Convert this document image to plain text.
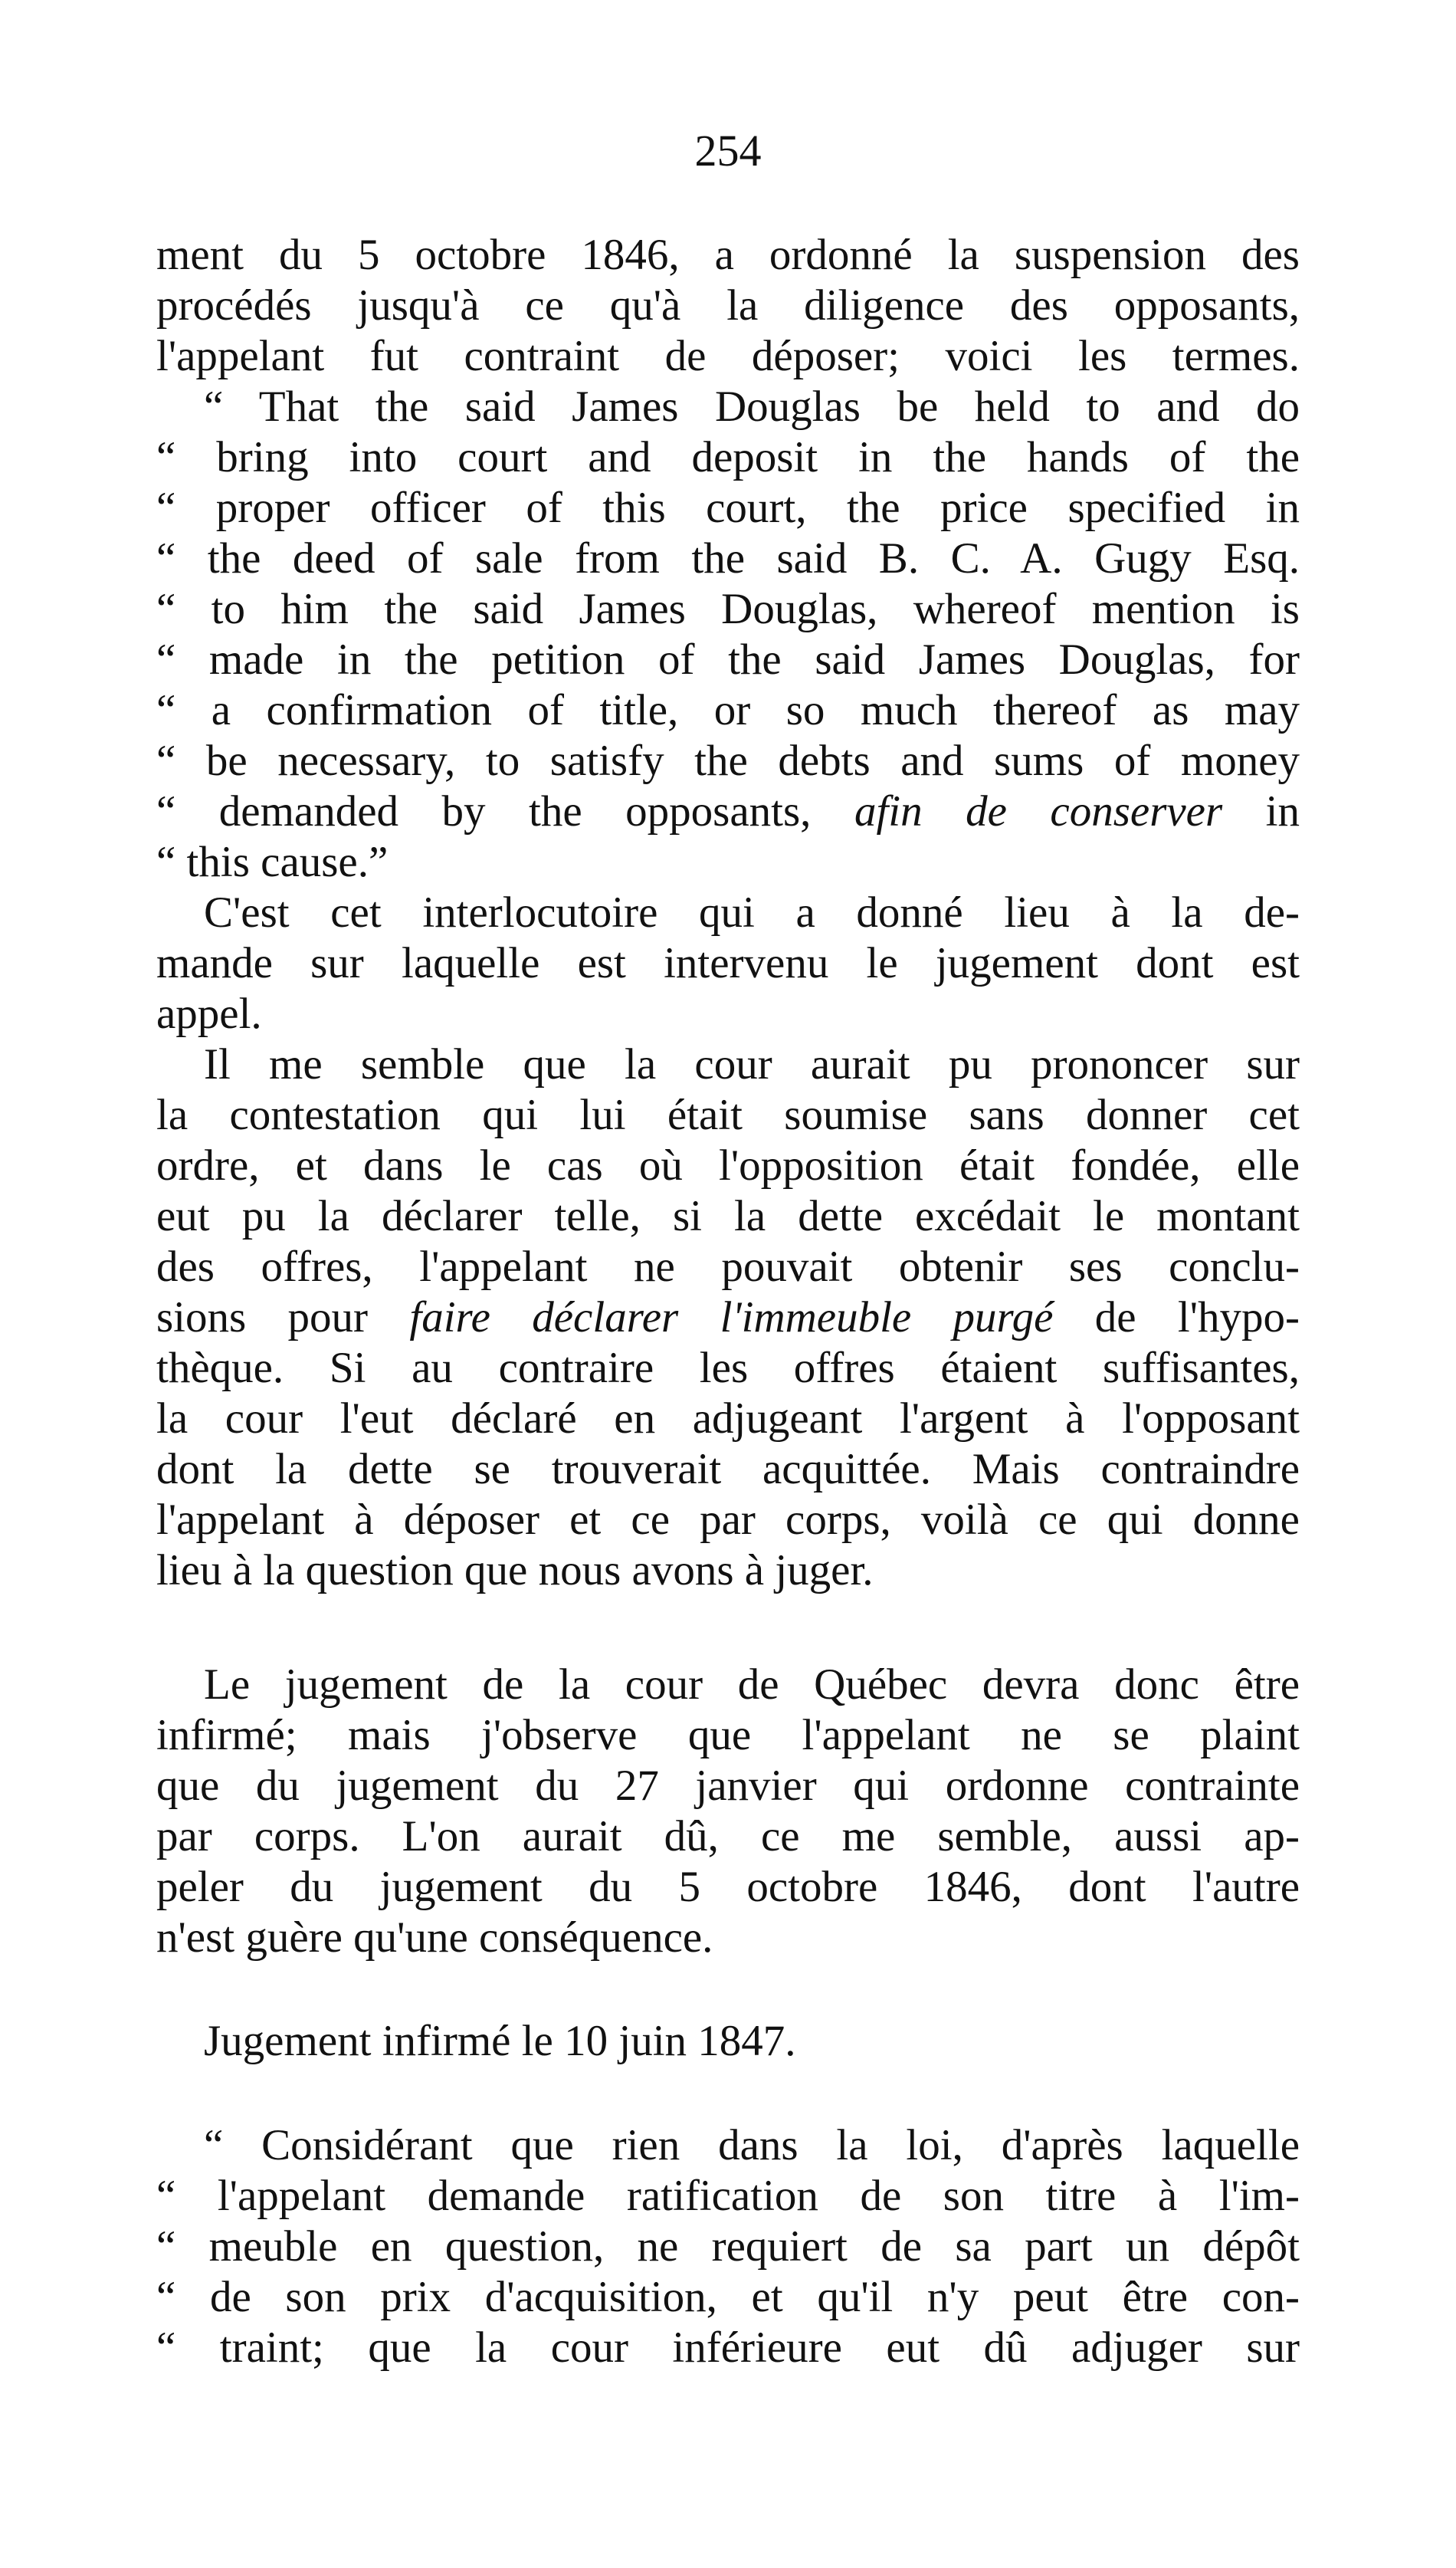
254
ment du 5 octobre 1846, a ordonné la suspension des
procédés jusqu'à ce qu'à la diligence des opposants,
l'appelant fut contraint de déposer; voici les termes.
“ That the said James Douglas be held to and do
“ bring into court and deposit in the hands of the
“ proper officer of this court, the price specified in
“ the deed of sale from the said B. C. A. Gugy Esq.
“ to him the said James Douglas, whereof mention is
“ made in the petition of the said James Douglas, for
“ a confirmation of title, or so much thereof as may
“ be necessary, to satisfy the debts and sums of money
“ demanded by the opposants, afin de conserver in
“ this cause.”
C'est cet interlocutoire qui a donné lieu à la de-
mande sur laquelle est intervenu le jugement dont est
appel.
Il me semble que la cour aurait pu prononcer sur
la contestation qui lui était soumise sans donner cet
ordre, et dans le cas où l'opposition était fondée, elle
eut pu la déclarer telle, si la dette excédait le montant
des offres, l'appelant ne pouvait obtenir ses conclu-
sions pour faire déclarer l'immeuble purgé de l'hypo-
thèque. Si au contraire les offres étaient suffisantes,
la cour l'eut déclaré en adjugeant l'argent à l'opposant
dont la dette se trouverait acquittée. Mais contraindre
l'appelant à déposer et ce par corps, voilà ce qui donne
lieu à la question que nous avons à juger.
Le jugement de la cour de Québec devra donc être
infirmé; mais j'observe que l'appelant ne se plaint
que du jugement du 27 janvier qui ordonne contrainte
par corps. L'on aurait dû, ce me semble, aussi ap-
peler du jugement du 5 octobre 1846, dont l'autre
n'est guère qu'une conséquence.
Jugement infirmé le 10 juin 1847.
“ Considérant que rien dans la loi, d'après laquelle
“ l'appelant demande ratification de son titre à l'im-
“ meuble en question, ne requiert de sa part un dépôt
“ de son prix d'acquisition, et qu'il n'y peut être con-
“ traint; que la cour inférieure eut dû adjuger sur
